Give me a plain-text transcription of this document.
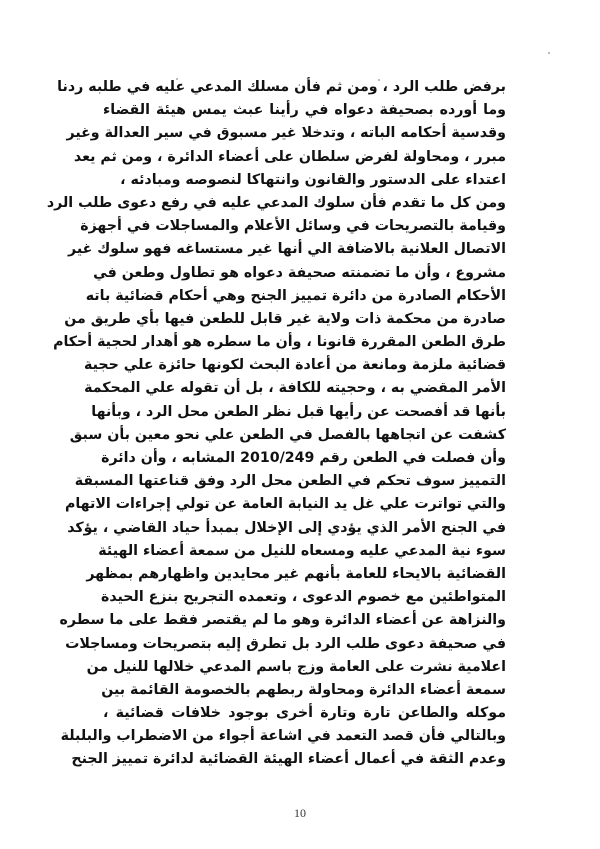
برفض طلب الرد ، ومن ثم فأن مسلك المدعي عليه في طلبه ردنا
وما أورده بصحيفة دعواه في رأينا عبث يمس هيئة القضاء
وقدسية أحكامه الباته ، وتدخلا غير مسبوق في سير العدالة وغير
مبرر ، ومحاولة لفرض سلطان على أعضاء الدائرة ، ومن ثم يعد
اعتداء على الدستور والقانون وانتهاكا لنصوصه ومبادئه ،
ومن كل ما تقدم فأن سلوك المدعي عليه في رفع دعوى طلب الرد
وقيامة بالتصريحات في وسائل الأعلام والمساجلات في أجهزة
الاتصال العلانية بالاضافة الي أنها غير مستساغه فهو سلوك غير
مشروع ، وأن ما تضمنته صحيفة دعواه هو تطاول وطعن في
الأحكام الصادرة من دائرة تمييز الجنح وهي أحكام قضائية باته
صادرة من محكمة ذات ولاية غير قابل للطعن فيها بأي طريق من
طرق الطعن المقررة قانونا ، وأن ما سطره هو أهدار لحجية أحكام
قضائية ملزمة ومانعة من أعادة البحث لكونها حائزة علي حجية
الأمر المقضي به ، وحجيته للكافة ، بل أن تقوله علي المحكمة
بأنها قد أفصحت عن رأيها قبل نظر الطعن محل الرد ، وبأنها
كشفت عن اتجاهها بالفصل في الطعن علي نحو معين بأن سبق
وأن فصلت في الطعن رقم 2010/249 المشابه ، وأن دائرة
التمييز سوف تحكم في الطعن محل الرد وفق قناعتها المسبقة
والتي تواترت علي غل يد النيابة العامة عن تولي إجراءات الاتهام
في الجنح الأمر الذي يؤدي إلى الإخلال بمبدأ حياد القاضي ، يؤكد
سوء نية المدعي عليه ومسعاه للنيل من سمعة أعضاء الهيئة
القضائية بالايحاء للعامة بأنهم غير محايدين واظهارهم بمظهر
المتواطئين مع خصوم الدعوى ، وتعمده التجريح بنزع الحيدة
والنزاهة عن أعضاء الدائرة وهو ما لم يقتصر فقط على ما سطره
في صحيفة دعوى طلب الرد بل تطرق إليه بتصريحات ومساجلات
اعلامية نشرت على العامة وزج باسم المدعي خلالها للنيل من
سمعة أعضاء الدائرة ومحاولة ربطهم بالخصومة القائمة بين
موكله والطاعن تارة وتارة أخرى بوجود خلافات قضائية ،
وبالتالي فأن قصد التعمد في اشاعة أجواء من الاضطراب والبلبلة
وعدم الثقة في أعمال أعضاء الهيئة القضائية لدائرة تمييز الجنح
10
